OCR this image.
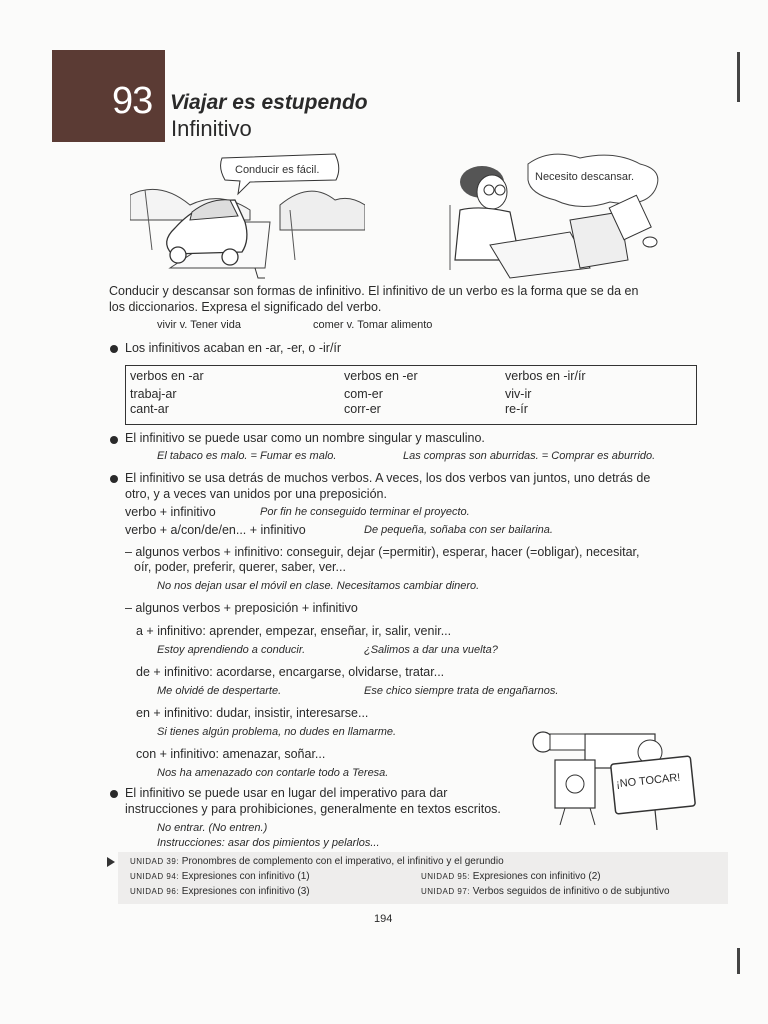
93 Viajar es estupendo
Infinitivo
Conducir es fácil.
Necesito descansar.
Conducir y descansar son formas de infinitivo. El infinitivo de un verbo es la forma que se da en
los diccionarios. Expresa el significado del verbo.
vivir v. Tener vida	comer v. Tomar alimento
Los infinitivos acaban en -ar, -er, o -ir/ír
verbos en -ar	verbos en -er	verbos en -ir/ír
trabaj-ar	com-er	viv-ir
cant-ar	corr-er	re-ír
El infinitivo se puede usar como un nombre singular y masculino.
El tabaco es malo. = Fumar es malo.	Las compras son aburridas. = Comprar es aburrido.
El infinitivo se usa detrás de muchos verbos. A veces, los dos verbos van juntos, uno detrás de
otro, y a veces van unidos por una preposición.
verbo + infinitivo	Por fin he conseguido terminar el proyecto.
verbo + a/con/de/en... + infinitivo	De pequeña, soñaba con ser bailarina.
– algunos verbos + infinitivo: conseguir, dejar (=permitir), esperar, hacer (=obligar), necesitar,
oír, poder, preferir, querer, saber, ver...
No nos dejan usar el móvil en clase. Necesitamos cambiar dinero.
– algunos verbos + preposición + infinitivo
a + infinitivo: aprender, empezar, enseñar, ir, salir, venir...
Estoy aprendiendo a conducir.	¿Salimos a dar una vuelta?
de + infinitivo: acordarse, encargarse, olvidarse, tratar...
Me olvidé de despertarte.	Ese chico siempre trata de engañarnos.
en + infinitivo: dudar, insistir, interesarse...
Si tienes algún problema, no dudes en llamarme.
con + infinitivo: amenazar, soñar...
Nos ha amenazado con contarle todo a Teresa.	¡NO TOCAR!
El infinitivo se puede usar en lugar del imperativo para dar
instrucciones y para prohibiciones, generalmente en textos escritos.
No entrar. (No entren.)
Instrucciones: asar dos pimientos y pelarlos...
UNIDAD 39: Pronombres de complemento con el imperativo, el infinitivo y el gerundio
UNIDAD 94: Expresiones con infinitivo (1)	UNIDAD 95: Expresiones con infinitivo (2)
UNIDAD 96: Expresiones con infinitivo (3)	UNIDAD 97: Verbos seguidos de infinitivo o de subjuntivo
194
